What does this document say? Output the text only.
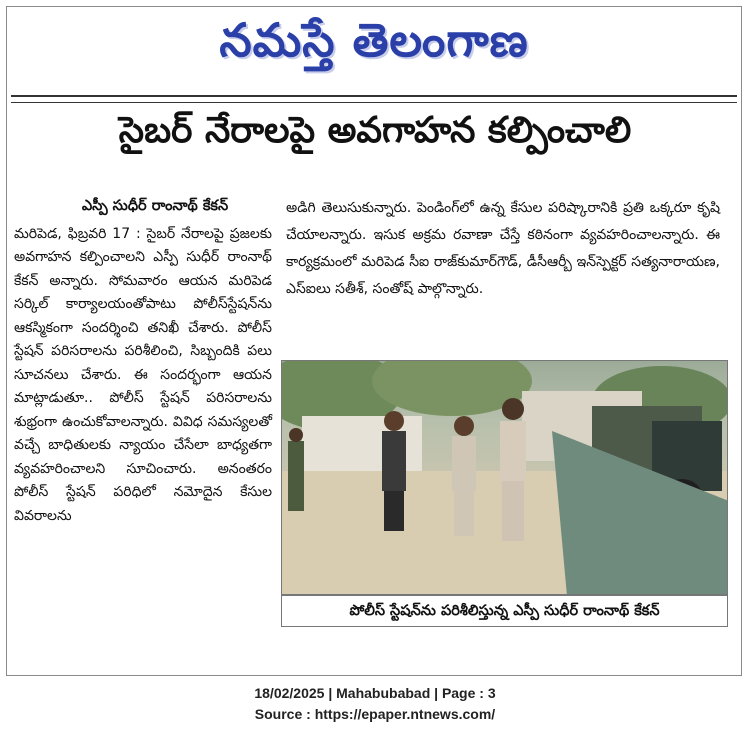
నమస్తే తెలంగాణ
సైబర్ నేరాలపై అవగాహన కల్పించాలి
ఎస్పీ సుధీర్ రాంనాథ్ కేకన్

మరిపెడ, ఫిబ్రవరి 17 : సైబర్ నేరాలపై ప్రజలకు అవగాహన కల్పించాలని ఎస్పీ సుధీర్ రాంనాథ్ కేకన్ అన్నారు. సోమవారం ఆయన మరిపెడ సర్కిల్ కార్యాలయంతోపాటు పోలీస్‌స్టేషన్‌ను ఆకస్మికంగా సందర్శించి తనిఖీ చేశారు. పోలీస్ స్టేషన్ పరిసరాలను పరిశీలించి, సిబ్బందికి పలు సూచనలు చేశారు. ఈ సందర్భంగా ఆయన మాట్లాడుతూ.. పోలీస్ స్టేషన్ పరిసరాలను శుభ్రంగా ఉంచుకోవాలన్నారు. వివిధ సమస్యలతో వచ్చే బాధితులకు న్యాయం చేసేలా బాధ్యతగా వ్యవహరించాలని సూచించారు. అనంతరం పోలీస్ స్టేషన్ పరిధిలో నమోదైన కేసుల వివరాలను

అడిగి తెలుసుకున్నారు. పెండింగ్‌లో ఉన్న కేసుల పరిష్కారానికి ప్రతి ఒక్కరూ కృషి చేయాలన్నారు. ఇసుక అక్రమ రవాణా చేస్తే కఠినంగా వ్యవహరించాలన్నారు. ఈ కార్యక్రమంలో మరిపెడ సీఐ రాజ్‌కుమార్‌గౌడ్, డీసీఆర్బీ ఇన్‌స్పెక్టర్ సత్యనారాయణ, ఎస్‌ఐలు సతీశ్, సంతోష్ పాల్గొన్నారు.
పోలీస్ స్టేషన్‌ను పరిశీలిస్తున్న ఎస్పీ సుధీర్ రాంనాథ్ కేకన్
18/02/2025 | Mahabubabad | Page : 3
Source : https://epaper.ntnews.com/
